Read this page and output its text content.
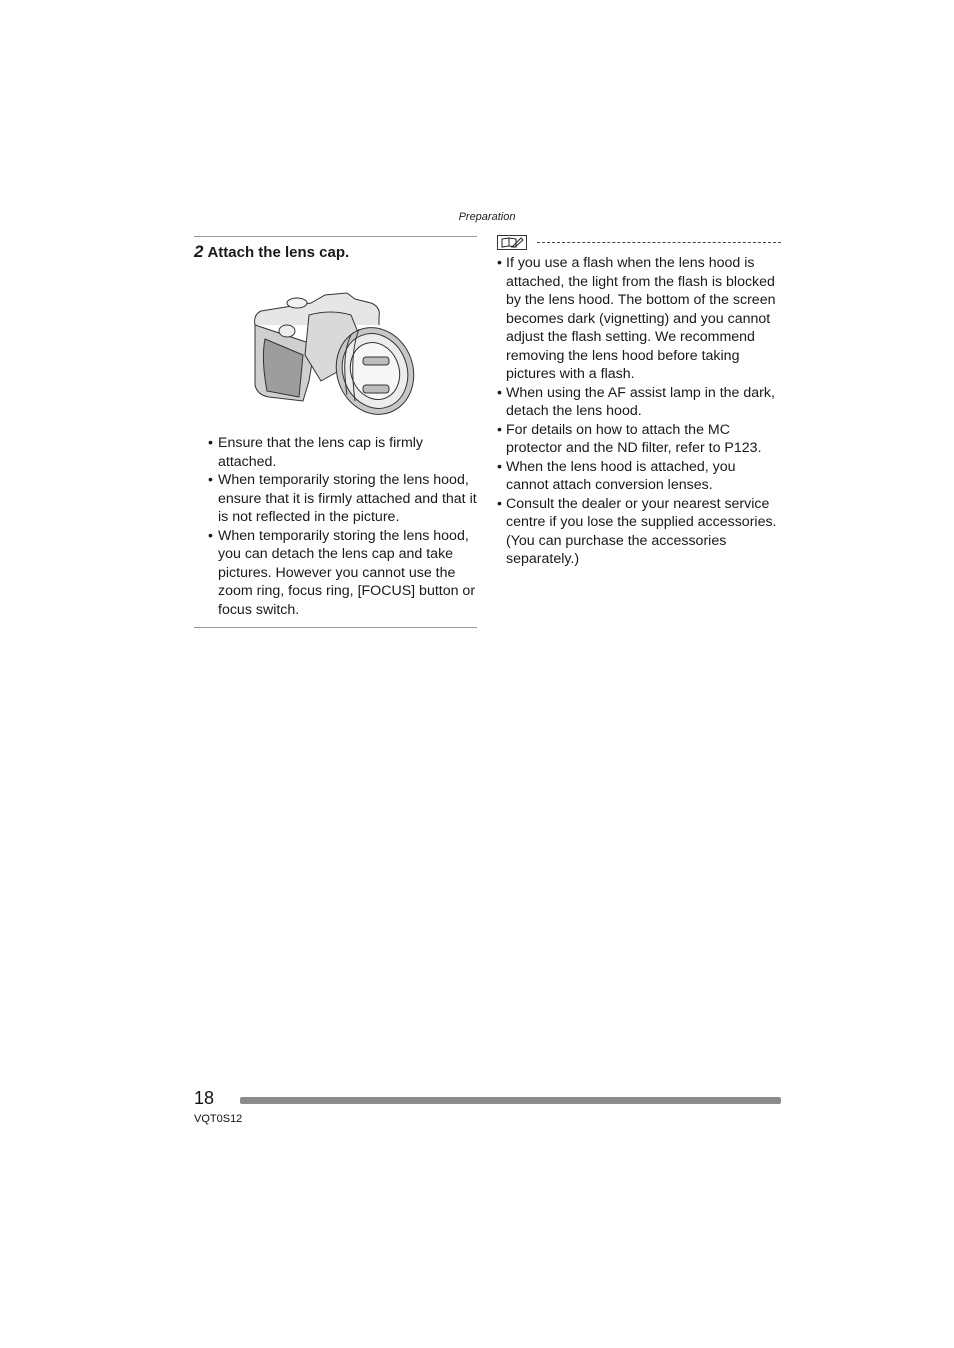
Preparation
2 Attach the lens cap.
• Ensure that the lens cap is firmly attached.
• When temporarily storing the lens hood, ensure that it is firmly attached and that it is not reflected in the picture.
• When temporarily storing the lens hood, you can detach the lens cap and take pictures. However you cannot use the zoom ring, focus ring, [FOCUS] button or focus switch.
• If you use a flash when the lens hood is attached, the light from the flash is blocked by the lens hood. The bottom of the screen becomes dark (vignetting) and you cannot adjust the flash setting. We recommend removing the lens hood before taking pictures with a flash.
• When using the AF assist lamp in the dark, detach the lens hood.
• For details on how to attach the MC protector and the ND filter, refer to P123.
• When the lens hood is attached, you cannot attach conversion lenses.
• Consult the dealer or your nearest service centre if you lose the supplied accessories. (You can purchase the accessories separately.)
18
VQT0S12
